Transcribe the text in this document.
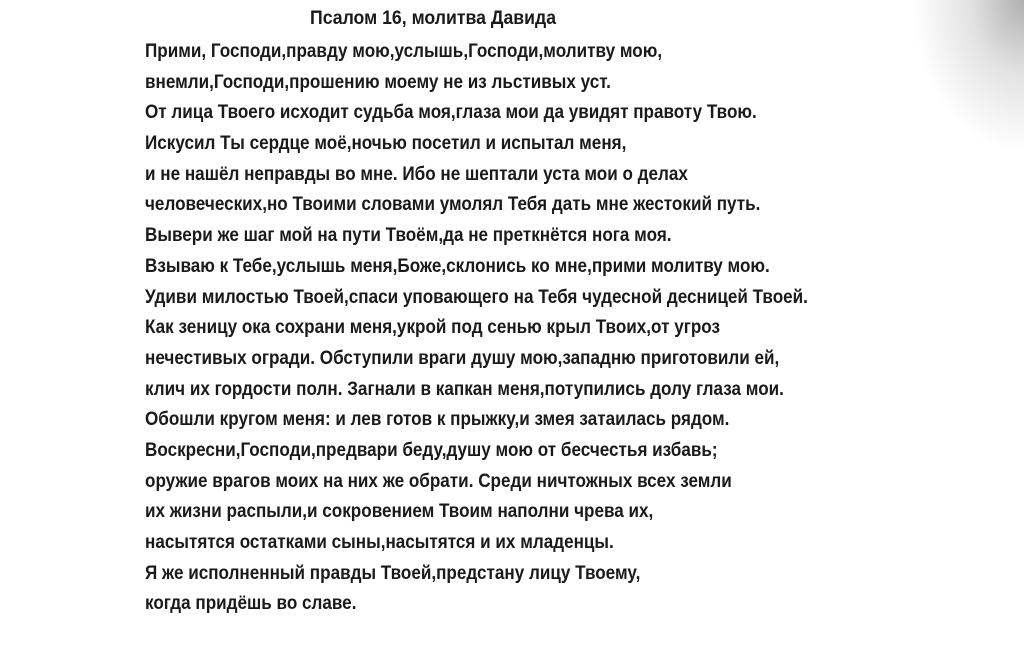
Псалом 16, молитва Давида
Прими, Господи,правду мою,услышь,Господи,молитву мою,
внемли,Господи,прошению моему не из льстивых уст.
От лица Твоего исходит судьба моя,глаза мои да увидят правоту Твою.
Искусил Ты сердце моё,ночью посетил и испытал меня,
и не нашёл неправды во мне. Ибо не шептали уста мои о делах
человеческих,но Твоими словами умолял Тебя дать мне жестокий путь.
Вывери же шаг мой на пути Твоём,да не преткнётся нога моя.
Взываю к Тебе,услышь меня,Боже,склонись ко мне,прими молитву мою.
Удиви милостью Твоей,спаси уповающего на Тебя чудесной десницей Твоей.
Как зеницу ока сохрани меня,укрой под сенью крыл Твоих,от угроз
нечестивых огради. Обступили враги душу мою,западню приготовили ей,
клич их гордости полн. Загнали в капкан меня,потупились долу глаза мои.
Обошли кругом меня: и лев готов к прыжку,и змея затаилась рядом.
Воскресни,Господи,предвари беду,душу мою от бесчестья избавь;
оружие врагов моих на них же обрати. Среди ничтожных всех земли
их жизни распыли,и сокровением Твоим наполни чрева их,
насытятся остатками сыны,насытятся и их младенцы.
Я же исполненный правды Твоей,предстану лицу Твоему,
когда придёшь во славе.
